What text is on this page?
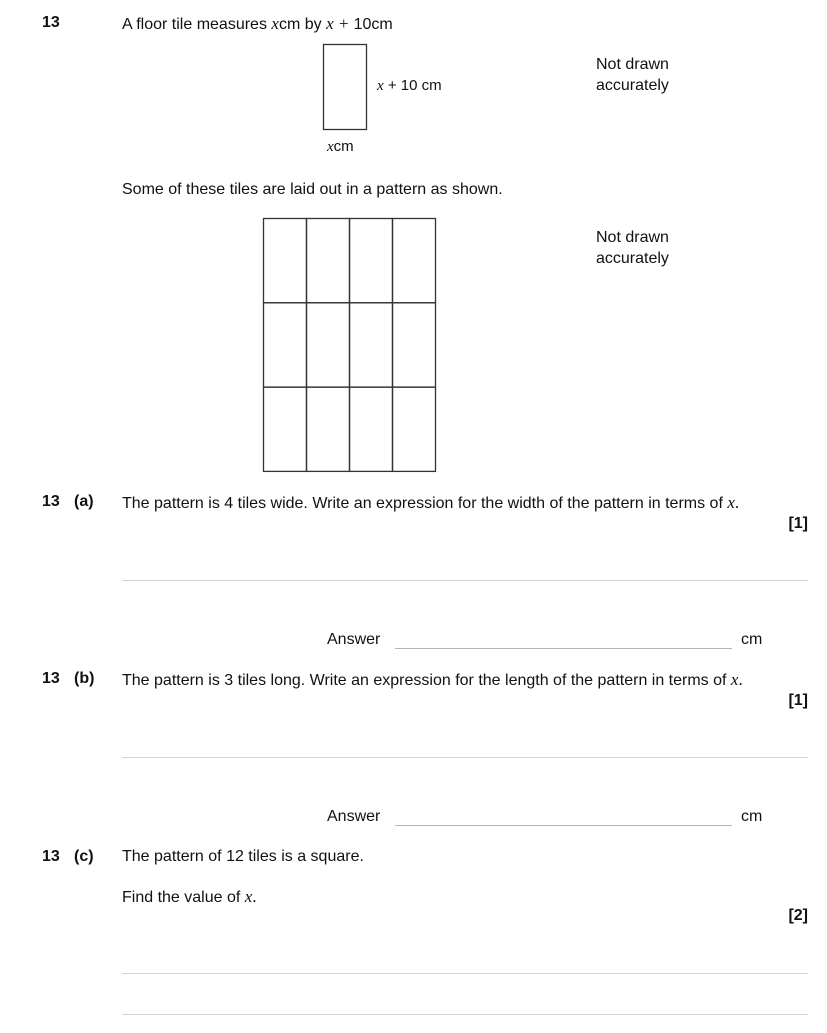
13	A floor tile measures xcm by x + 10cm
x + 10 cm
xcm
Not drawn
accurately
Some of these tiles are laid out in a pattern as shown.
Not drawn
accurately
13 (a) The pattern is 4 tiles wide. Write an expression for the width of the pattern in terms of x.
[1]
Answer	cm
13 (b) The pattern is 3 tiles long. Write an expression for the length of the pattern in terms of x.
[1]
Answer	cm
13 (c) The pattern of 12 tiles is a square.
Find the value of x.
[2]
